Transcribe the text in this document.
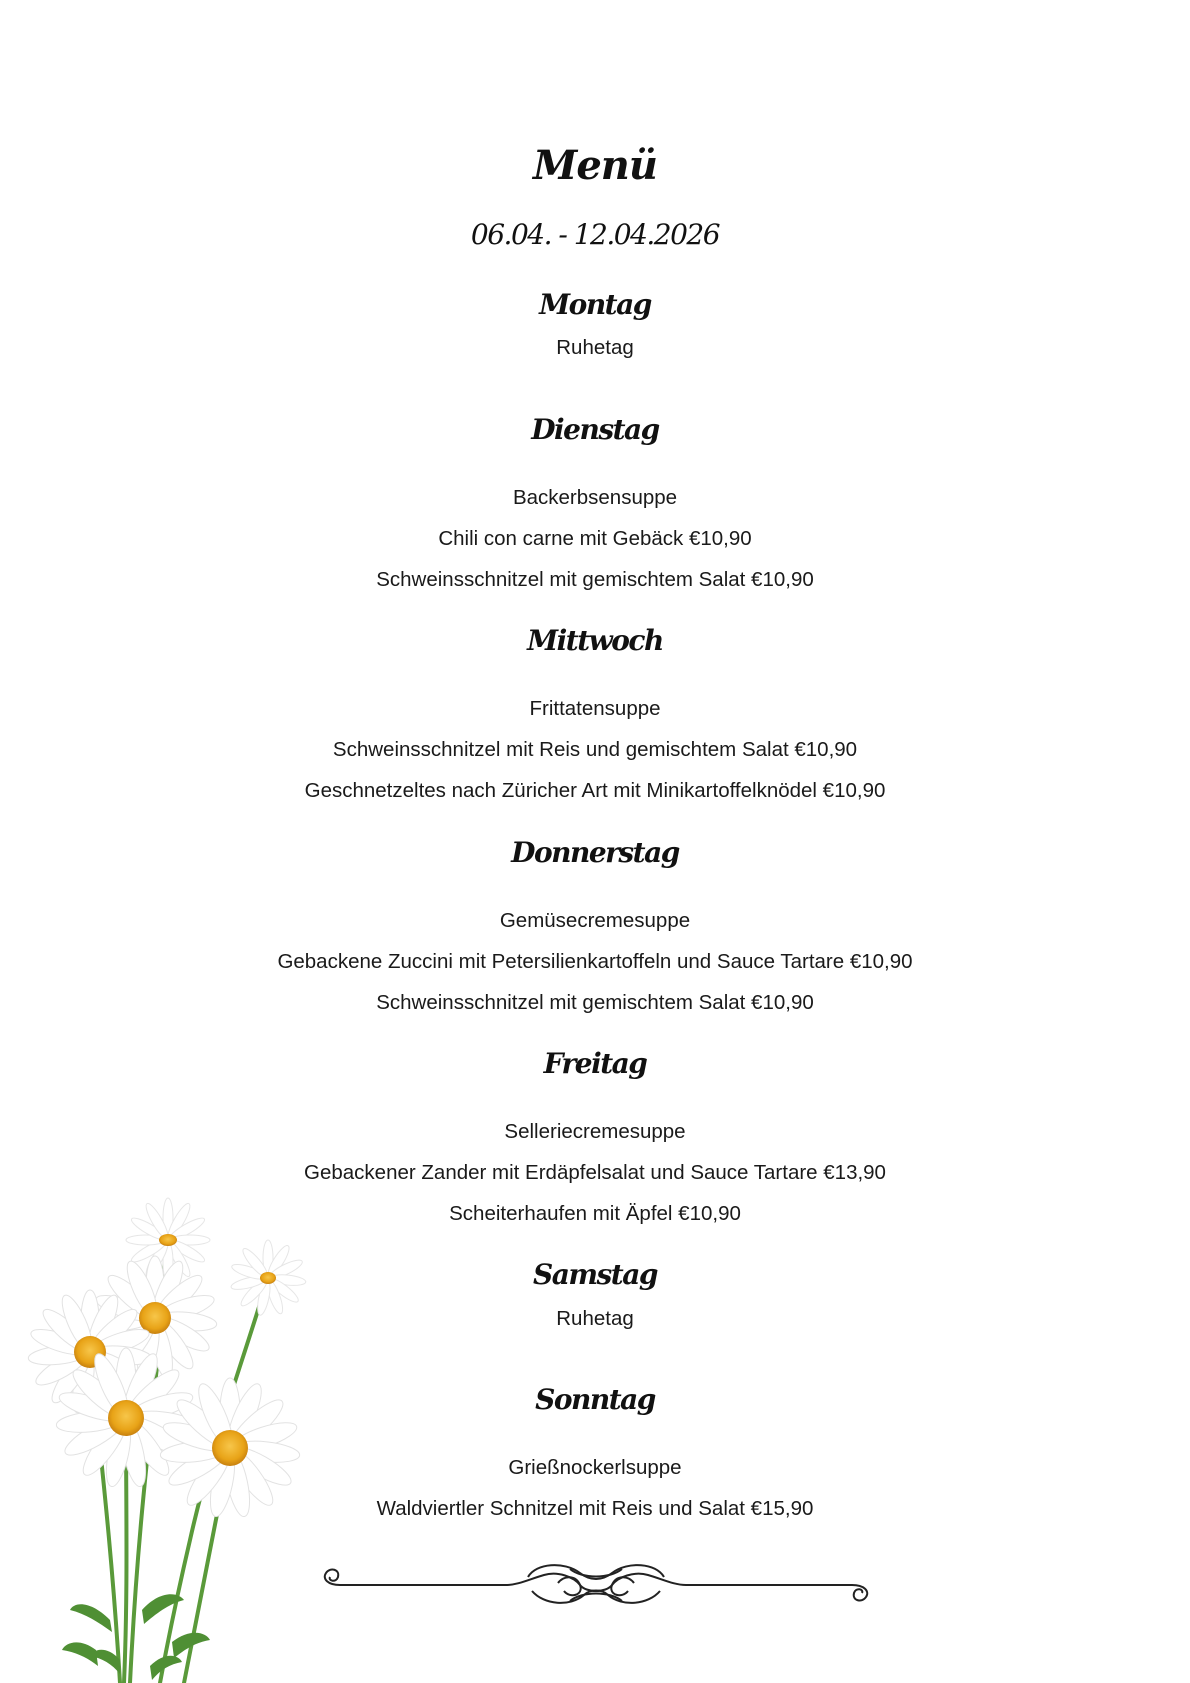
Menü
06.04. - 12.04.2026
Montag
Ruhetag
Dienstag
Backerbsensuppe
Chili con carne mit Gebäck €10,90
Schweinsschnitzel mit gemischtem Salat €10,90
Mittwoch
Frittatensuppe
Schweinsschnitzel mit Reis und gemischtem Salat €10,90
Geschnetzeltes nach Züricher Art mit Minikartoffelknödel €10,90
Donnerstag
Gemüsecremesuppe
Gebackene Zuccini mit Petersilienkartoffeln und Sauce Tartare €10,90
Schweinsschnitzel mit gemischtem Salat €10,90
Freitag
Selleriecremesuppe
Gebackener Zander mit Erdäpfelsalat und Sauce Tartare €13,90
Scheiterhaufen mit Äpfel €10,90
Samstag
Ruhetag
Sonntag
Grießnockerlsuppe
Waldviertler Schnitzel mit Reis und Salat €15,90
